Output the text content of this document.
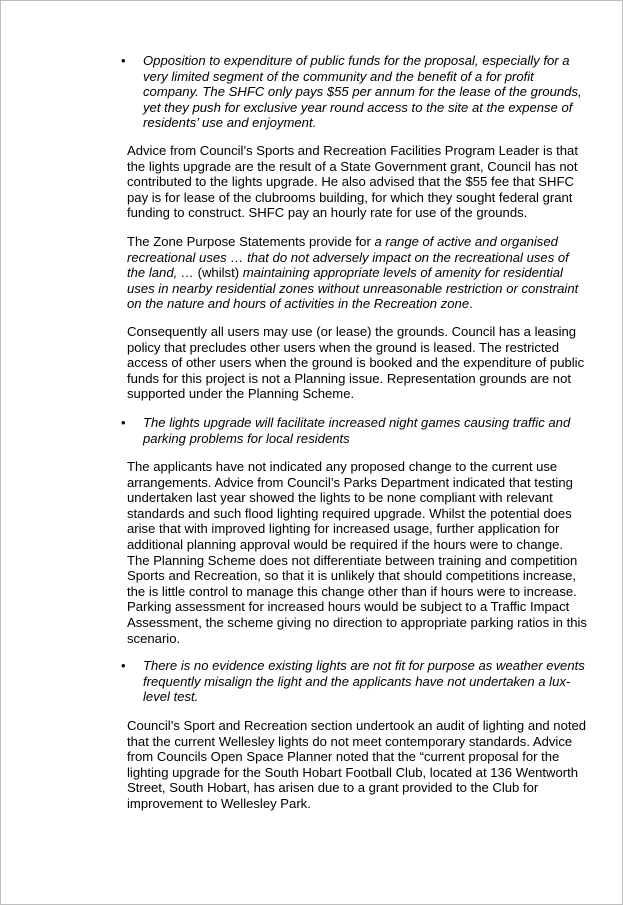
• Opposition to expenditure of public funds for the proposal, especially for a
very limited segment of the community and the benefit of a for profit
company. The SHFC only pays $55 per annum for the lease of the grounds,
yet they push for exclusive year round access to the site at the expense of
residents’ use and enjoyment.
Advice from Council’s Sports and Recreation Facilities Program Leader is that
the lights upgrade are the result of a State Government grant, Council has not
contributed to the lights upgrade. He also advised that the $55 fee that SHFC
pay is for lease of the clubrooms building, for which they sought federal grant
funding to construct. SHFC pay an hourly rate for use of the grounds.
The Zone Purpose Statements provide for a range of active and organised
recreational uses … that do not adversely impact on the recreational uses of
the land, … (whilst) maintaining appropriate levels of amenity for residential
uses in nearby residential zones without unreasonable restriction or constraint
on the nature and hours of activities in the Recreation zone.
Consequently all users may use (or lease) the grounds. Council has a leasing
policy that precludes other users when the ground is leased. The restricted
access of other users when the ground is booked and the expenditure of public
funds for this project is not a Planning issue. Representation grounds are not
supported under the Planning Scheme.
• The lights upgrade will facilitate increased night games causing traffic and
parking problems for local residents
The applicants have not indicated any proposed change to the current use
arrangements. Advice from Council’s Parks Department indicated that testing
undertaken last year showed the lights to be none compliant with relevant
standards and such flood lighting required upgrade. Whilst the potential does
arise that with improved lighting for increased usage, further application for
additional planning approval would be required if the hours were to change.
The Planning Scheme does not differentiate between training and competition
Sports and Recreation, so that it is unlikely that should competitions increase,
the is little control to manage this change other than if hours were to increase.
Parking assessment for increased hours would be subject to a Traffic Impact
Assessment, the scheme giving no direction to appropriate parking ratios in this
scenario.
• There is no evidence existing lights are not fit for purpose as weather events
frequently misalign the light and the applicants have not undertaken a lux-
level test.
Council’s Sport and Recreation section undertook an audit of lighting and noted
that the current Wellesley lights do not meet contemporary standards. Advice
from Councils Open Space Planner noted that the “current proposal for the
lighting upgrade for the South Hobart Football Club, located at 136 Wentworth
Street, South Hobart, has arisen due to a grant provided to the Club for
improvement to Wellesley Park.
